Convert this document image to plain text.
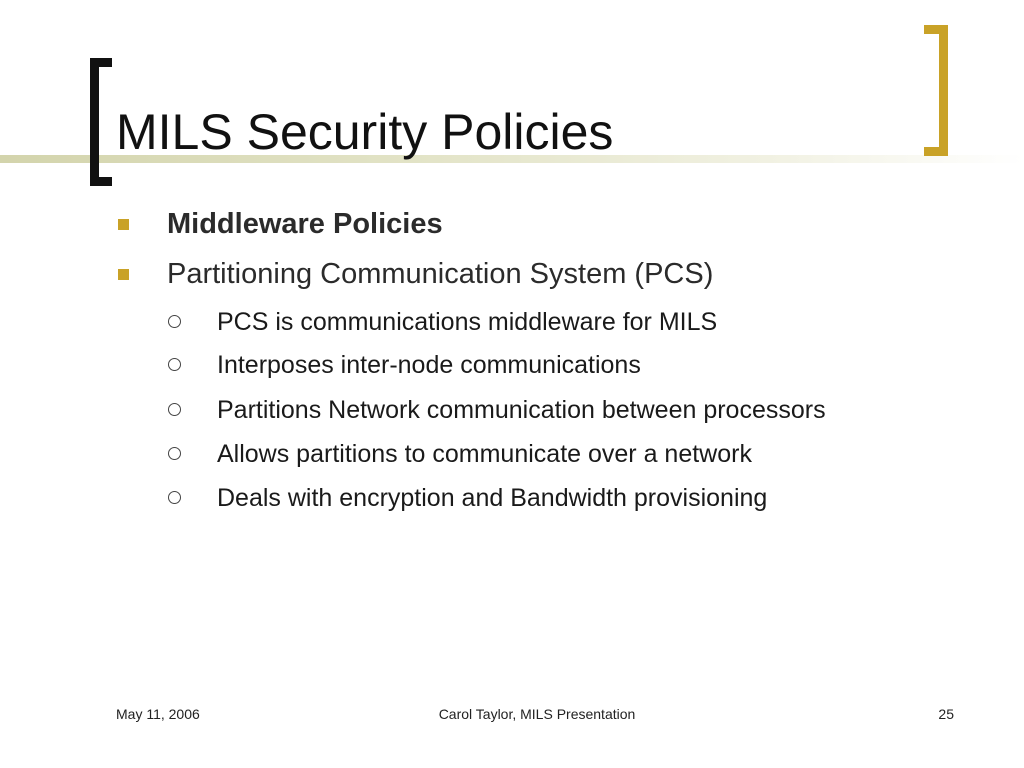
MILS Security Policies
Middleware Policies
Partitioning Communication System (PCS)
PCS is communications middleware for MILS
Interposes inter-node communications
Partitions Network communication between processors
Allows partitions to communicate over a network
Deals with encryption and Bandwidth provisioning
May 11, 2006	Carol Taylor, MILS Presentation	25
